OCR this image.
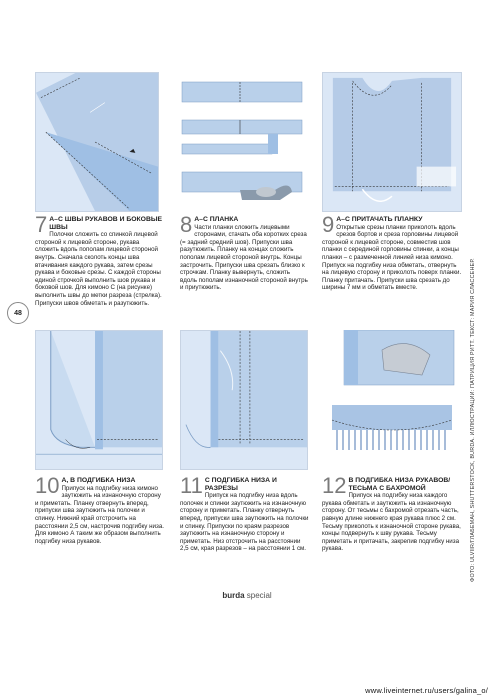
7 А–С ШВЫ РУКАВОВ И БОКОВЫЕ ШВЫ
Полочки сложить со спинкой лицевой стороной к лицевой стороне, рукава сложить вдоль пополам лицевой стороной внутрь. Сначала сколоть концы шва втачивания каждого рукава, затем срезы рукава и боковые срезы. С каждой стороны единой строчкой выполнить шов рукава и боковой шов. Для кимоно С (на рисунке) выполнить швы до метки разреза (стрелка). Припуски швов обметать и разутюжить.
8 А–С ПЛАНКА
Части планки сложить лицевыми сторонами, стачать оба коротких среза (= задний средний шов). Припуски шва разутюжить. Планку на концах сложить пополам лицевой стороной внутрь. Концы застрочить. Припуски шва срезать близко к строчкам. Планку вывернуть, сложить вдоль пополам изнаночной стороной внутрь и приутюжить.
9 А–С ПРИТАЧАТЬ ПЛАНКУ
Открытые срезы планки приколоть вдоль срезов бортов и среза горловины лицевой стороной к лицевой стороне, совместив шов планки с серединой горловины спинки, а концы планки – с размеченной линией низа кимоно. Припуск на подгибку низа обметать, отвернуть на лицевую сторону и приколоть поверх планки. Планку притачать. Припуски шва срезать до ширины 7 мм и обметать вместе.
48
10 А, В ПОДГИБКА НИЗА
Припуск на подгибку низа кимоно заутюжить на изнаночную сторону и приметать. Планку отвернуть вперед, припуски шва заутюжить на полочки и спинку. Нижний край отстрочить на расстоянии 2,5 см, настрочив подгибку низа. Для кимоно А таким же образом выполнить подгибку низа рукавов.
11 С ПОДГИБКА НИЗА И РАЗРЕЗЫ
Припуск на подгибку низа вдоль полочек и спинки заутюжить на изнаночную сторону и приметать. Планку отвернуть вперед, припуски шва заутюжить на полочки и спинку. Припуски по краям разрезов заутюжить на изнаночную сторону и приметать. Низ отстрочить на расстоянии 2,5 см, края разрезов – на расстоянии 1 см.
12 В ПОДГИБКА НИЗА РУКАВОВ/ ТЕСЬМА С БАХРОМОЙ
Припуск на подгибку низа каждого рукава обметать и заутюжить на изнаночную сторону. От тесьмы с бахромой отрезать часть, равную длине нижнего края рукава плюс 2 см. Тесьму приколоть к изнаночной стороне рукава, концы подвернуть к шву рукава. Тесьму приметать и притачать, закрепив подгибку низа рукава.	ФОТО: ULVIIR/ГЛАБЕМАН, SHUTTERSTOCK, BURDA. ИЛЛЮСТРАЦИИ: ПАТРИЦИЯ РИТТ. ТЕКСТ: МАРИЯ СЛАССЕНЕР.
burda special
www.liveinternet.ru/users/galina_o/
